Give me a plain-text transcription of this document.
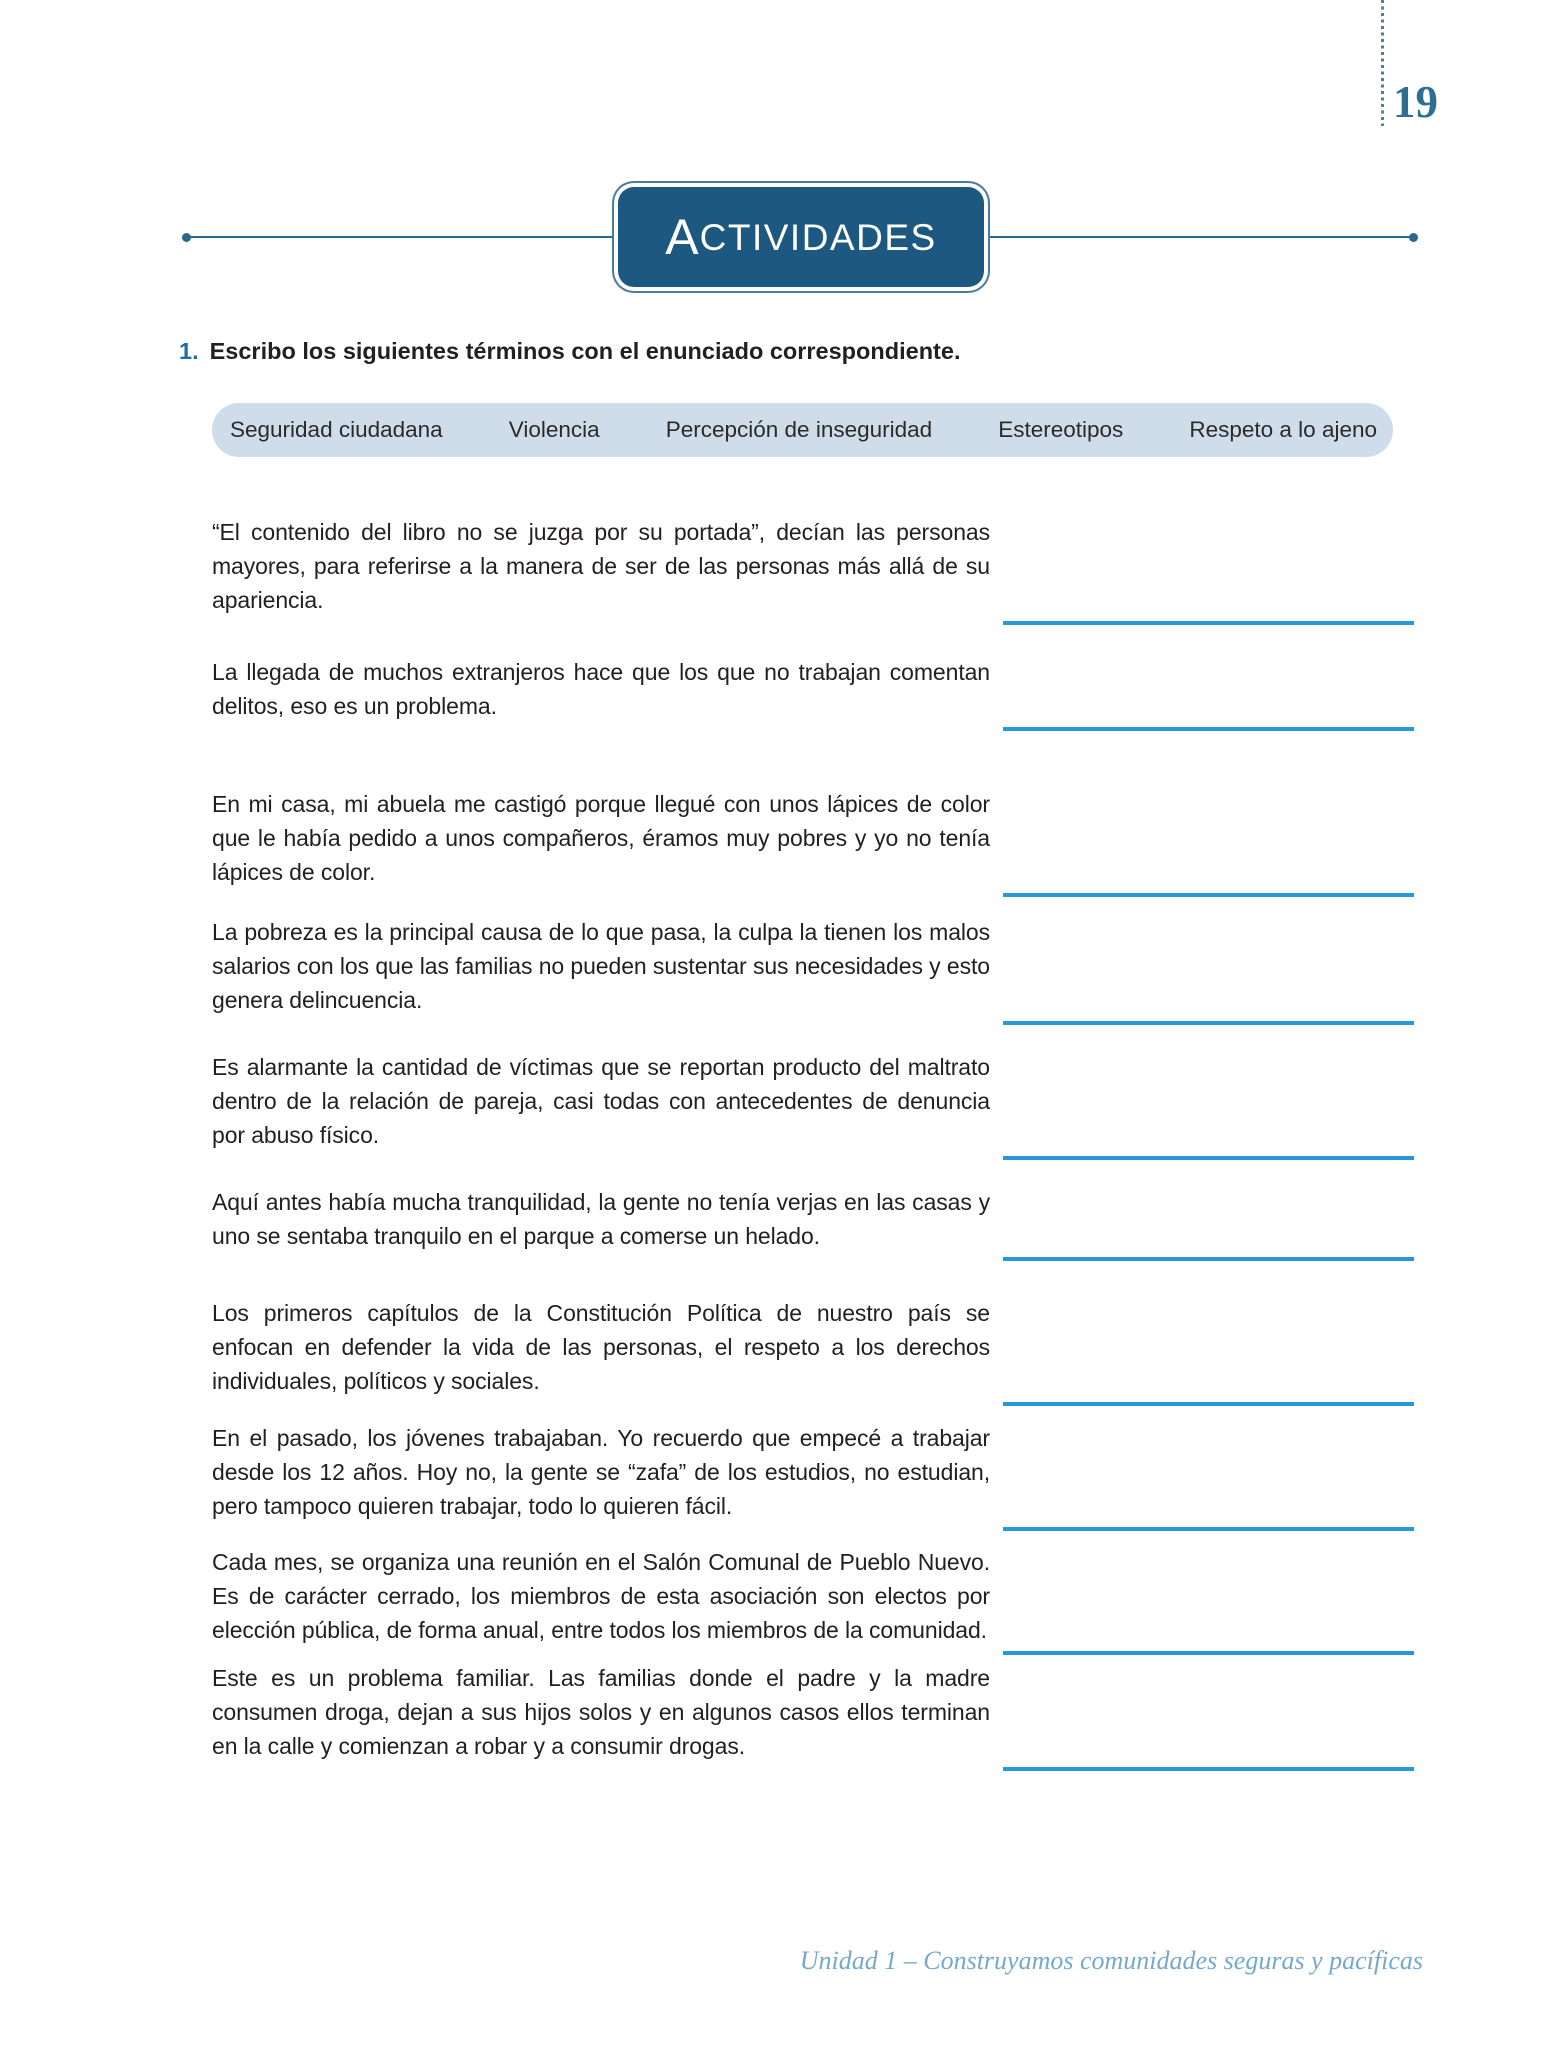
19
A CTIVIDADES
1. Escribo los siguientes términos con el enunciado correspondiente.
Seguridad ciudadana	Violencia	Percepción de inseguridad	Estereotipos	Respeto a lo ajeno

“El contenido del libro no se juzga por su portada”, decían las personas mayores, para referirse a la manera de ser de las personas más allá de su apariencia.

La llegada de muchos extranjeros hace que los que no trabajan comentan delitos, eso es un problema.

En mi casa, mi abuela me castigó porque llegué con unos lápices de color que le había pedido a unos compañeros, éramos muy pobres y yo no tenía lápices de color.

La pobreza es la principal causa de lo que pasa, la culpa la tienen los malos salarios con los que las familias no pueden sustentar sus necesidades y esto genera delincuencia.

Es alarmante la cantidad de víctimas que se reportan producto del maltrato dentro de la relación de pareja, casi todas con antecedentes de denuncia por abuso físico.

Aquí antes había mucha tranquilidad, la gente no tenía verjas en las casas y uno se sentaba tranquilo en el parque a comerse un helado.

Los primeros capítulos de la Constitución Política de nuestro país se enfocan en defender la vida de las personas, el respeto a los derechos individuales, políticos y sociales.

En el pasado, los jóvenes trabajaban. Yo recuerdo que empecé a trabajar desde los 12 años. Hoy no, la gente se “zafa” de los estudios, no estudian, pero tampoco quieren trabajar, todo lo quieren fácil.

Cada mes, se organiza una reunión en el Salón Comunal de Pueblo Nuevo. Es de carácter cerrado, los miembros de esta asociación son electos por elección pública, de forma anual, entre todos los miembros de la comunidad.

Este es un problema familiar. Las familias donde el padre y la madre consumen droga, dejan a sus hijos solos y en algunos casos ellos terminan en la calle y comienzan a robar y a consumir drogas.

Unidad 1 – Construyamos comunidades seguras y pacíficas
